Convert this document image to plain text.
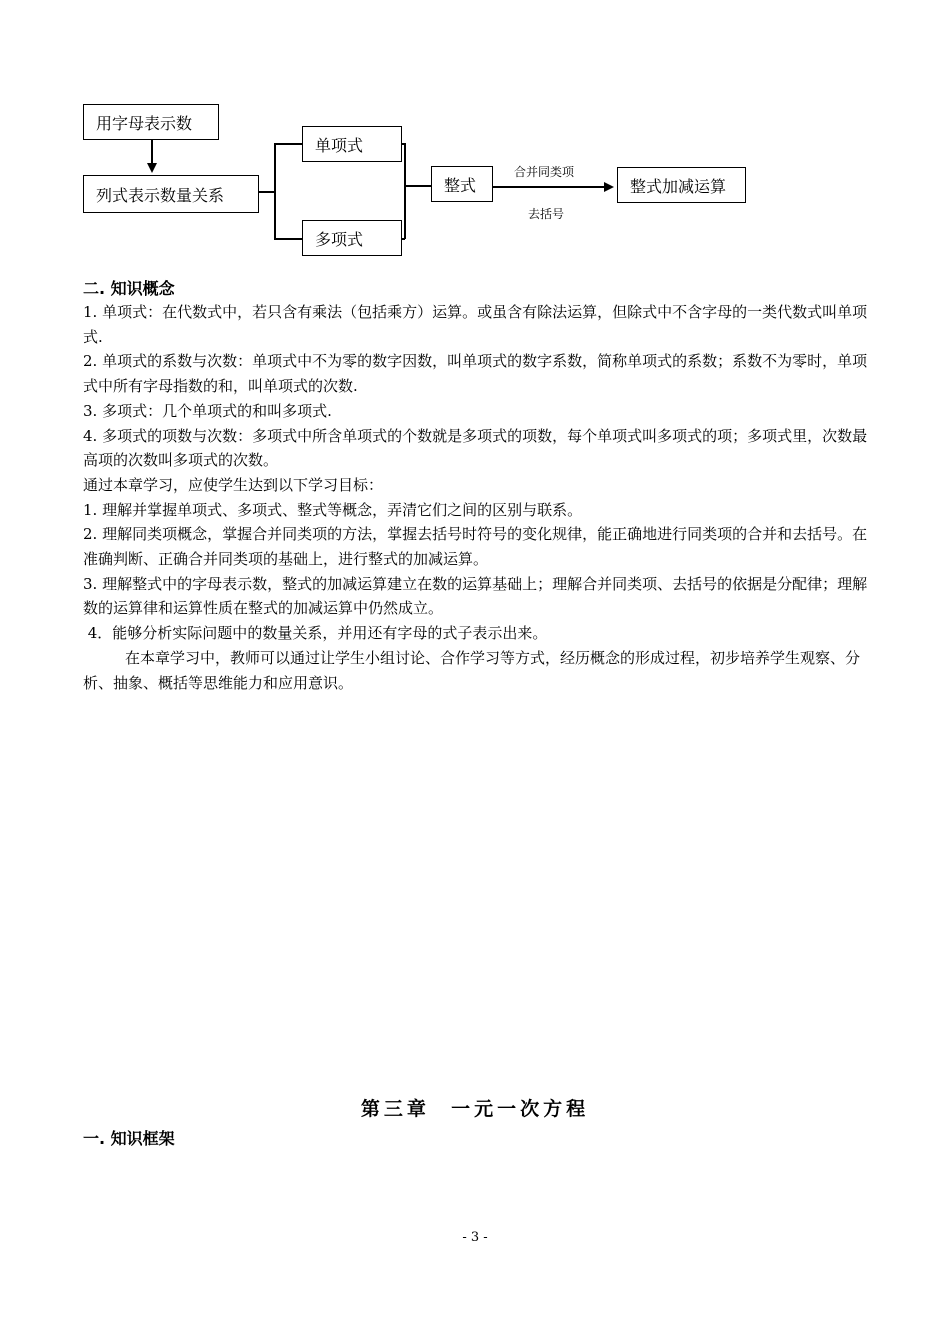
用字母表示数
列式表示数量关系
单项式
多项式
整式
合并同类项
去括号
整式加减运算
二. 知识概念

1. 单项式：在代数式中，若只含有乘法（包括乘方）运算。或虽含有除法运算，但除式中不含字母的一类代数式叫单项式.

2. 单项式的系数与次数：单项式中不为零的数字因数，叫单项式的数字系数，简称单项式的系数；系数不为零时，单项式中所有字母指数的和，叫单项式的次数.

3. 多项式：几个单项式的和叫多项式.

4. 多项式的项数与次数：多项式中所含单项式的个数就是多项式的项数，每个单项式叫多项式的项；多项式里，次数最高项的次数叫多项式的次数。

通过本章学习，应使学生达到以下学习目标：

1. 理解并掌握单项式、多项式、整式等概念，弄清它们之间的区别与联系。

2. 理解同类项概念，掌握合并同类项的方法，掌握去括号时符号的变化规律，能正确地进行同类项的合并和去括号。在准确判断、正确合并同类项的基础上，进行整式的加减运算。

3. 理解整式中的字母表示数，整式的加减运算建立在数的运算基础上；理解合并同类项、去括号的依据是分配律；理解数的运算律和运算性质在整式的加减运算中仍然成立。

4．能够分析实际问题中的数量关系，并用还有字母的式子表示出来。

在本章学习中，教师可以通过让学生小组讨论、合作学习等方式，经历概念的形成过程，初步培养学生观察、分析、抽象、概括等思维能力和应用意识。

第三章  一元一次方程
一. 知识框架
- 3 -
